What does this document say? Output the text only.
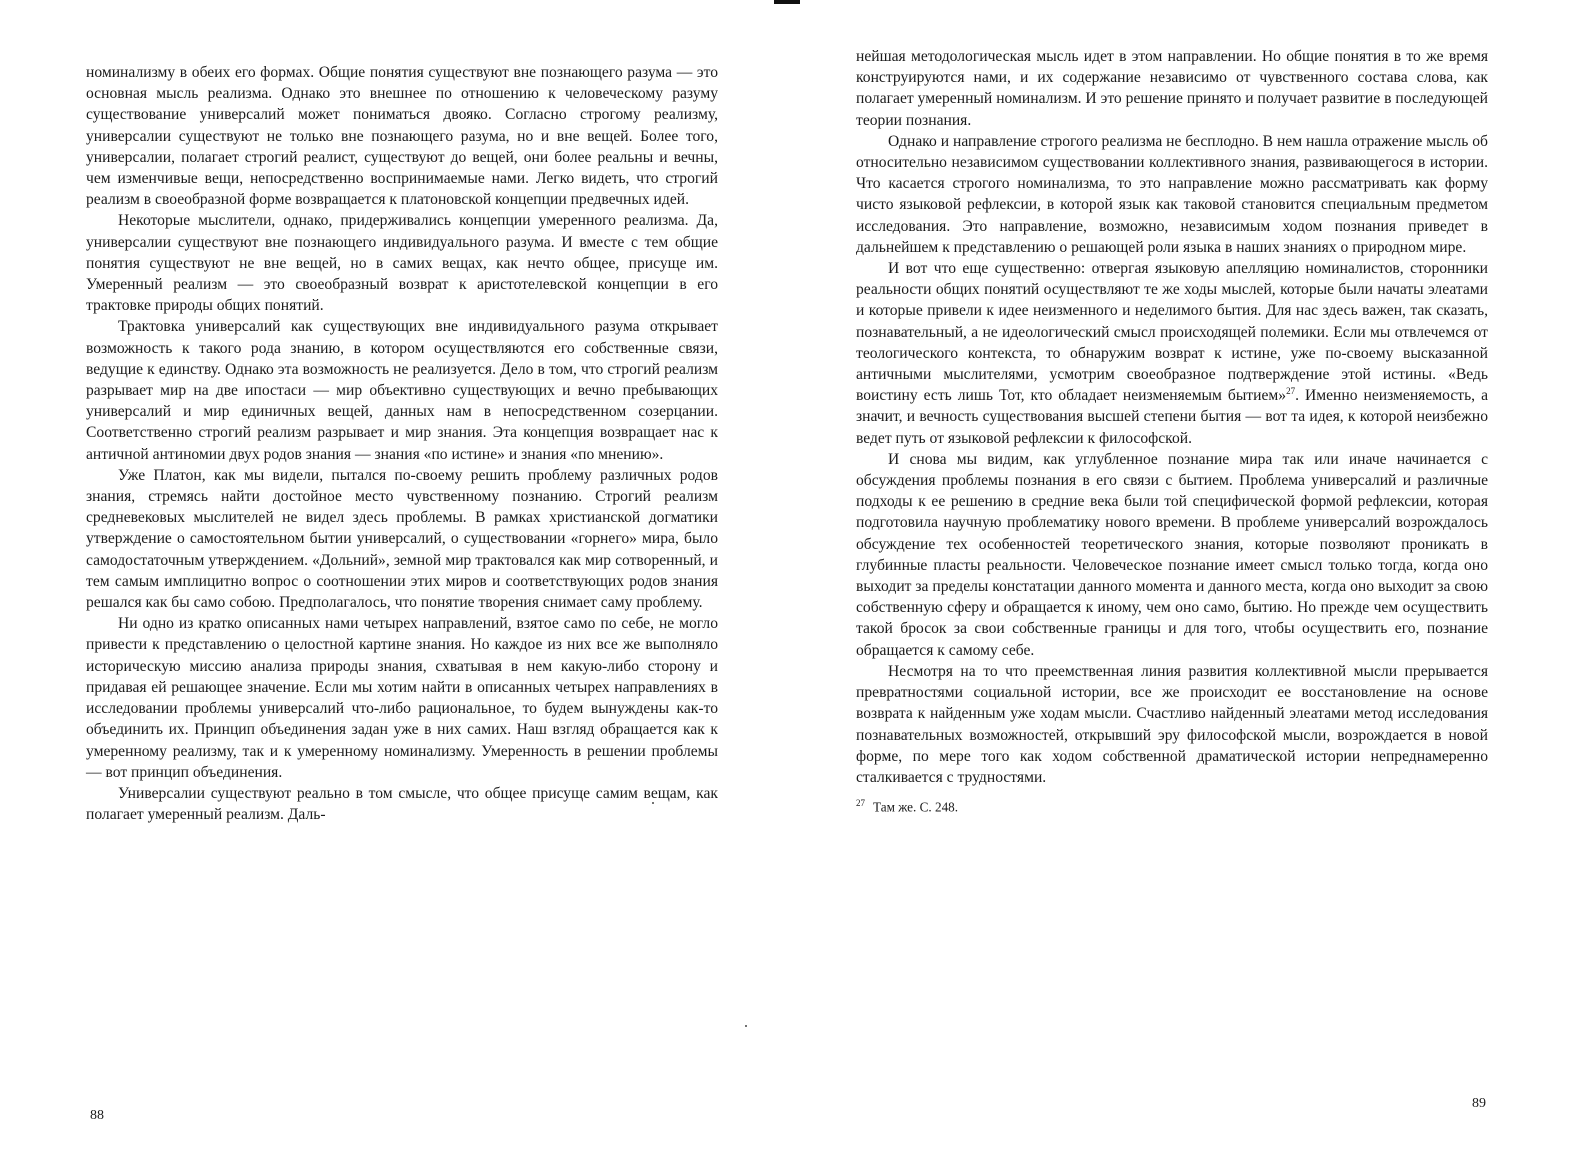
номинализму в обеих его формах. Общие понятия существуют вне познающего разума — это основная мысль реализма. Однако это внешнее по отношению к человеческому разуму существование универсалий может пониматься двояко. Согласно строгому реализму, универсалии существуют не только вне познающего разума, но и вне вещей. Более того, универсалии, полагает строгий реалист, существуют до вещей, они более реальны и вечны, чем изменчивые вещи, непосредственно воспринимаемые нами. Легко видеть, что строгий реализм в своеобразной форме возвращается к платоновской концепции предвечных идей.

Некоторые мыслители, однако, придерживались концепции умеренного реализма. Да, универсалии существуют вне познающего индивидуального разума. И вместе с тем общие понятия существуют не вне вещей, но в самих вещах, как нечто общее, присуще им. Умеренный реализм — это своеобразный возврат к аристотелевской концепции в его трактовке природы общих понятий.

Трактовка универсалий как существующих вне индивидуального разума открывает возможность к такого рода знанию, в котором осуществляются его собственные связи, ведущие к единству. Однако эта возможность не реализуется. Дело в том, что строгий реализм разрывает мир на две ипостаси — мир объективно существующих и вечно пребывающих универсалий и мир единичных вещей, данных нам в непосредственном созерцании. Соответственно строгий реализм разрывает и мир знания. Эта концепция возвращает нас к античной антиномии двух родов знания — знания «по истине» и знания «по мнению».

Уже Платон, как мы видели, пытался по-своему решить проблему различных родов знания, стремясь найти достойное место чувственному познанию. Строгий реализм средневековых мыслителей не видел здесь проблемы. В рамках христианской догматики утверждение о самостоятельном бытии универсалий, о существовании «горнего» мира, было самодостаточным утверждением. «Дольний», земной мир трактовался как мир сотворенный, и тем самым имплицитно вопрос о соотношении этих миров и соответствующих родов знания решался как бы само собою. Предполагалось, что понятие творения снимает саму проблему.

Ни одно из кратко описанных нами четырех направлений, взятое само по себе, не могло привести к представлению о целостной картине знания. Но каждое из них все же выполняло историческую миссию анализа природы знания, схватывая в нем какую-либо сторону и придавая ей решающее значение. Если мы хотим найти в описанных четырех направлениях в исследовании проблемы универсалий что-либо рациональное, то будем вынуждены как-то объединить их. Принцип объединения задан уже в них самих. Наш взгляд обращается как к умеренному реализму, так и к умеренному номинализму. Умеренность в решении проблемы — вот принцип объединения.

Универсалии существуют реально в том смысле, что общее присуще самим вещам, как полагает умеренный реализм. Даль-

88

нейшая методологическая мысль идет в этом направлении. Но общие понятия в то же время конструируются нами, и их содержание независимо от чувственного состава слова, как полагает умеренный номинализм. И это решение принято и получает развитие в последующей теории познания.

Однако и направление строгого реализма не бесплодно. В нем нашла отражение мысль об относительно независимом существовании коллективного знания, развивающегося в истории. Что касается строгого номинализма, то это направление можно рассматривать как форму чисто языковой рефлексии, в которой язык как таковой становится специальным предметом исследования. Это направление, возможно, независимым ходом познания приведет в дальнейшем к представлению о решающей роли языка в наших знаниях о природном мире.

И вот что еще существенно: отвергая языковую апелляцию номиналистов, сторонники реальности общих понятий осуществляют те же ходы мыслей, которые были начаты элеатами и которые привели к идее неизменного и неделимого бытия. Для нас здесь важен, так сказать, познавательный, а не идеологический смысл происходящей полемики. Если мы отвлечемся от теологического контекста, то обнаружим возврат к истине, уже по-своему высказанной античными мыслителями, усмотрим своеобразное подтверждение этой истины. «Ведь воистину есть лишь Тот, кто обладает неизменяемым бытием»$^{27}$. Именно неизменяемость, а значит, и вечность существования высшей степени бытия — вот та идея, к которой неизбежно ведет путь от языковой рефлексии к философской.

И снова мы видим, как углубленное познание мира так или иначе начинается с обсуждения проблемы познания в его связи с бытием. Проблема универсалий и различные подходы к ее решению в средние века были той специфической формой рефлексии, которая подготовила научную проблематику нового времени. В проблеме универсалий возрождалось обсуждение тех особенностей теоретического знания, которые позволяют проникать в глубинные пласты реальности. Человеческое познание имеет смысл только тогда, когда оно выходит за пределы констатации данного момента и данного места, когда оно выходит за свою собственную сферу и обращается к иному, чем оно само, бытию. Но прежде чем осуществить такой бросок за свои собственные границы и для того, чтобы осуществить его, познание обращается к самому себе.

Несмотря на то что преемственная линия развития коллективной мысли прерывается превратностями социальной истории, все же происходит ее восстановление на основе возврата к найденным уже ходам мысли. Счастливо найденный элеатами метод исследования познавательных возможностей, открывший эру философской мысли, возрождается в новой форме, по мере того как ходом собственной драматической истории непреднамеренно сталкивается с трудностями.

$^{27}$ Там же. С. 248.
89
